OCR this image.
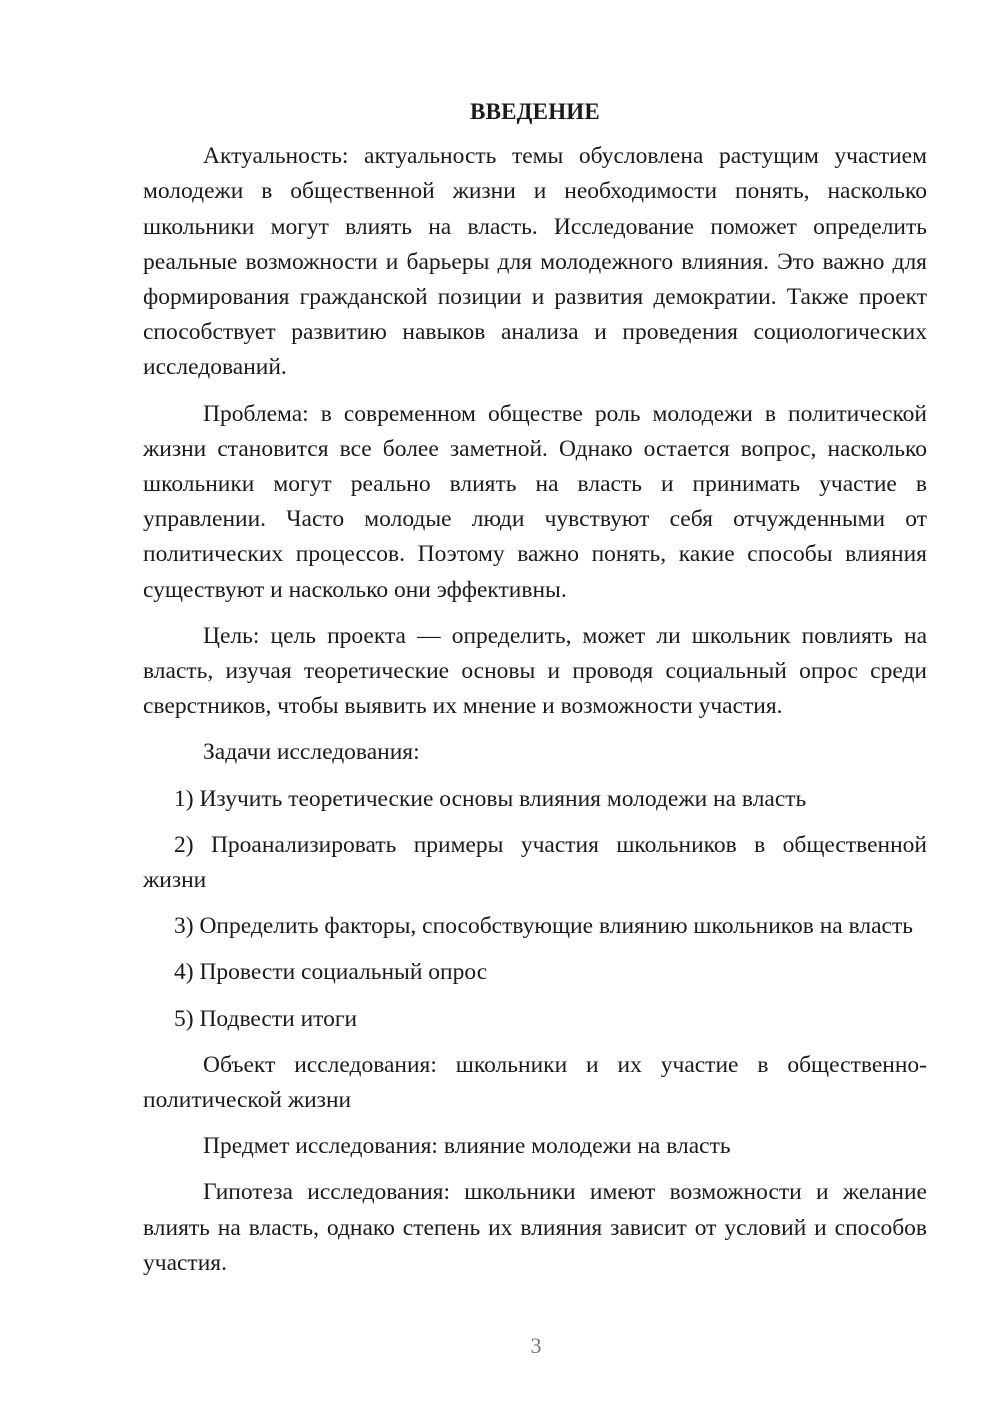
ВВЕДЕНИЕ

Актуальность: актуальность темы обусловлена растущим участием молодежи в общественной жизни и необходимости понять, насколько школьники могут влиять на власть. Исследование поможет определить реальные возможности и барьеры для молодежного влияния. Это важно для формирования гражданской позиции и развития демократии. Также проект способствует развитию навыков анализа и проведения социологических исследований.

Проблема: в современном обществе роль молодежи в политической жизни становится все более заметной. Однако остается вопрос, насколько школьники могут реально влиять на власть и принимать участие в управлении. Часто молодые люди чувствуют себя отчужденными от политических процессов. Поэтому важно понять, какие способы влияния существуют и насколько они эффективны.

Цель: цель проекта — определить, может ли школьник повлиять на власть, изучая теоретические основы и проводя социальный опрос среди сверстников, чтобы выявить их мнение и возможности участия.

Задачи исследования:

1) Изучить теоретические основы влияния молодежи на власть

2) Проанализировать примеры участия школьников в общественной жизни

3) Определить факторы, способствующие влиянию школьников на власть

4) Провести социальный опрос

5) Подвести итоги

Объект исследования: школьники и их участие в общественно-политической жизни

Предмет исследования: влияние молодежи на власть

Гипотеза исследования: школьники имеют возможности и желание влиять на власть, однако степень их влияния зависит от условий и способов участия.

3
